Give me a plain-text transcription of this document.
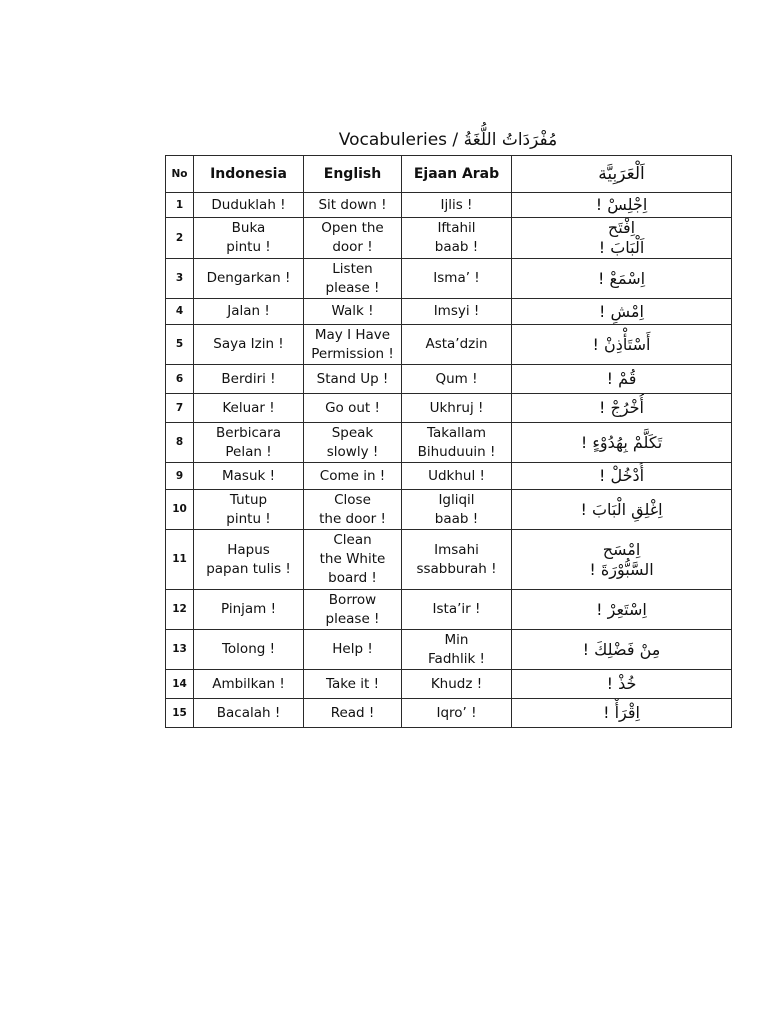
Vocabuleries / مُفْرَدَاتُ اللُّغَةُ
No	Indonesia	English	Ejaan Arab	اَلْعَرَبِيَّة

1	Duduklah !	Sit down !	Ijlis !	اِجْلِسْ !

2	Buka
pintu !	Open the
door !	Iftahil
baab !	اِفْتَح
اَلْبَابَ !

3	Dengarkan !	Listen
please !	Isma’ !	اِسْمَعْ !

4	Jalan !	Walk !	Imsyi !	اِمْشِ !

5	Saya Izin !	May I Have
Permission !	Asta’dzin	أَسْتَأْذِنْ !

6	Berdiri !	Stand Up !	Qum !	قُمْ !

7	Keluar !	Go out !	Ukhruj !	أُخْرُجْ !

8	Berbicara
Pelan !	Speak
slowly !	Takallam
Bihuduuin !	تَكَلَّمْ بِهُدُوْءٍ !

9	Masuk !	Come in !	Udkhul !	أُدْخُلْ !

10	Tutup
pintu !	Close
the door !	Igliqil
baab !	اِغْلِقِ الْبَابَ !

11	Hapus
papan tulis !	Clean
the White
board !	Imsahi
ssabburah !	اِمْسَح
السَّبُّوْرَةَ !

12	Pinjam !	Borrow
please !	Ista’ir !	اِسْتَعِرْ !

13	Tolong !	Help !	Min
Fadhlik !	مِنْ فَضْلِكَ !

14	Ambilkan !	Take it !	Khudz !	خُذْ !

15	Bacalah !	Read !	Iqro’ !	اِقْرَأْ !
